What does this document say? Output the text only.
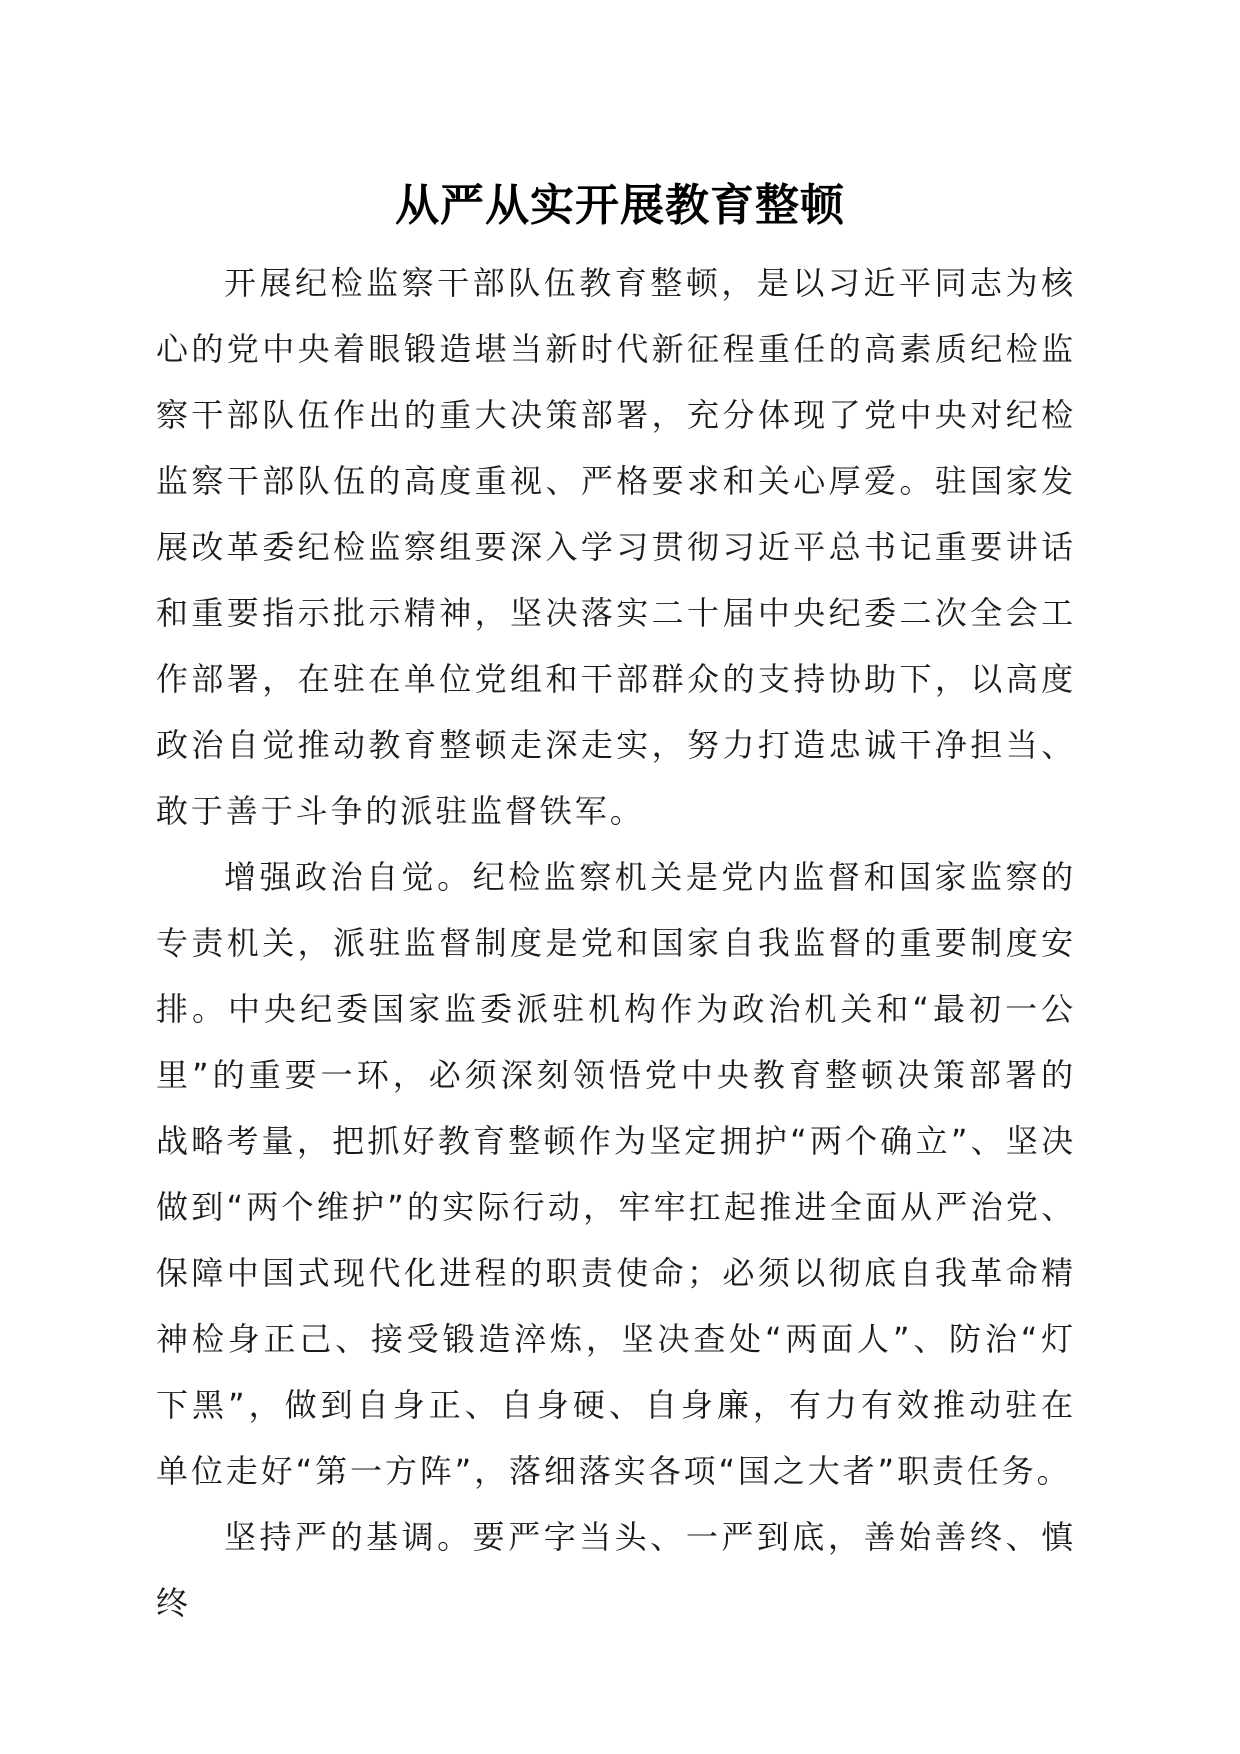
从严从实开展教育整顿

开展纪检监察干部队伍教育整顿，是以习近平同志为核心的党中央着眼锻造堪当新时代新征程重任的高素质纪检监察干部队伍作出的重大决策部署，充分体现了党中央对纪检监察干部队伍的高度重视、严格要求和关心厚爱。驻国家发展改革委纪检监察组要深入学习贯彻习近平总书记重要讲话和重要指示批示精神，坚决落实二十届中央纪委二次全会工作部署，在驻在单位党组和干部群众的支持协助下，以高度政治自觉推动教育整顿走深走实，努力打造忠诚干净担当、敢于善于斗争的派驻监督铁军。

增强政治自觉。纪检监察机关是党内监督和国家监察的专责机关，派驻监督制度是党和国家自我监督的重要制度安排。中央纪委国家监委派驻机构作为政治机关和“最初一公里”的重要一环，必须深刻领悟党中央教育整顿决策部署的战略考量，把抓好教育整顿作为坚定拥护“两个确立”、坚决做到“两个维护”的实际行动，牢牢扛起推进全面从严治党、保障中国式现代化进程的职责使命；必须以彻底自我革命精神检身正己、接受锻造淬炼，坚决查处“两面人”、防治“灯下黑”，做到自身正、自身硬、自身廉，有力有效推动驻在单位走好“第一方阵”，落细落实各项“国之大者”职责任务。

坚持严的基调。要严字当头、一严到底，善始善终、慎终
